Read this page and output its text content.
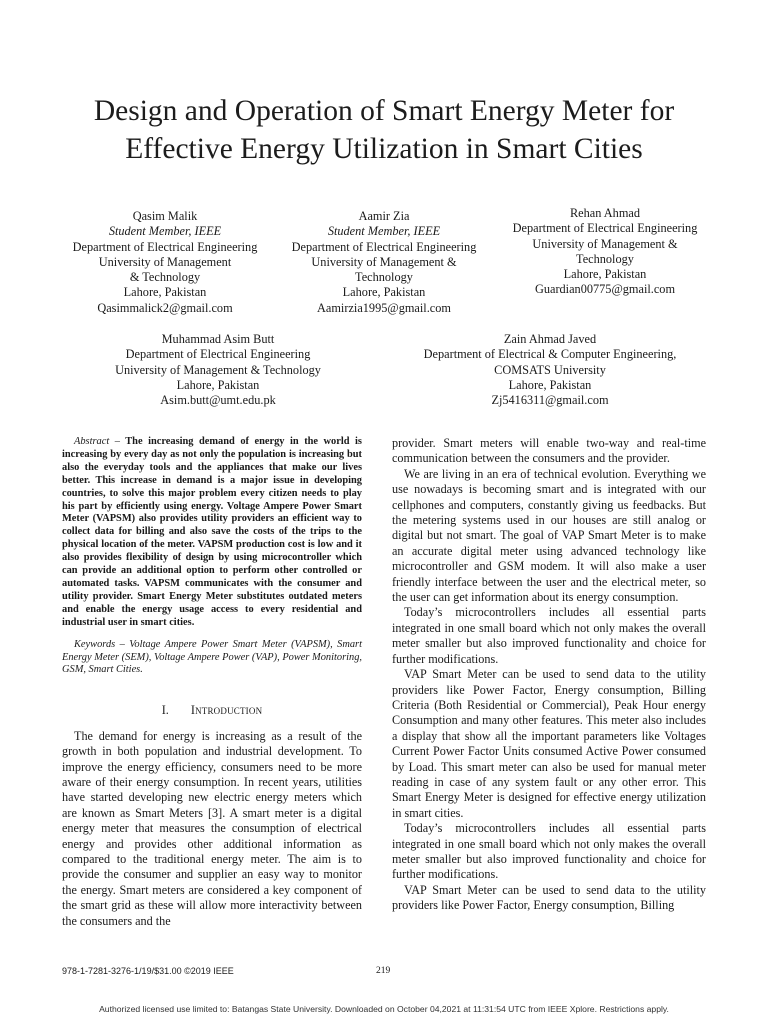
Design and Operation of Smart Energy Meter for Effective Energy Utilization in Smart Cities
Qasim Malik
Student Member, IEEE
Department of Electrical Engineering
University of Management
& Technology
Lahore, Pakistan
Qasimmalick2@gmail.com
Aamir Zia
Student Member, IEEE
Department of Electrical Engineering
University of Management &
Technology
Lahore, Pakistan
Aamirzia1995@gmail.com
Rehan Ahmad
Department of Electrical Engineering
University of Management &
Technology
Lahore, Pakistan
Guardian00775@gmail.com
Muhammad Asim Butt
Department of Electrical Engineering
University of Management & Technology
Lahore, Pakistan
Asim.butt@umt.edu.pk
Zain Ahmad Javed
Department of Electrical & Computer Engineering,
COMSATS University
Lahore, Pakistan
Zj5416311@gmail.com

Abstract – The increasing demand of energy in the world is increasing by every day as not only the population is increasing but also the everyday tools and the appliances that make our lives better. This increase in demand is a major issue in developing countries, to solve this major problem every citizen needs to play his part by efficiently using energy. Voltage Ampere Power Smart Meter (VAPSM) also provides utility providers an efficient way to collect data for billing and also save the costs of the trips to the physical location of the meter. VAPSM production cost is low and it also provides flexibility of design by using microcontroller which can provide an additional option to perform other controlled or automated tasks. VAPSM communicates with the consumer and utility provider. Smart Energy Meter substitutes outdated meters and enable the energy usage access to every residential and industrial user in smart cities.

Keywords – Voltage Ampere Power Smart Meter (VAPSM), Smart Energy Meter (SEM), Voltage Ampere Power (VAP), Power Monitoring, GSM, Smart Cities.

I. Introduction

The demand for energy is increasing as a result of the growth in both population and industrial development. To improve the energy efficiency, consumers need to be more aware of their energy consumption. In recent years, utilities have started developing new electric energy meters which are known as Smart Meters [3]. A smart meter is a digital energy meter that measures the consumption of electrical energy and provides other additional information as compared to the traditional energy meter. The aim is to provide the consumer and supplier an easy way to monitor the energy. Smart meters are considered a key component of the smart grid as these will allow more interactivity between the consumers and the

provider. Smart meters will enable two-way and real-time communication between the consumers and the provider.

We are living in an era of technical evolution. Everything we use nowadays is becoming smart and is integrated with our cellphones and computers, constantly giving us feedbacks. But the metering systems used in our houses are still analog or digital but not smart. The goal of VAP Smart Meter is to make an accurate digital meter using advanced technology like microcontroller and GSM modem. It will also make a user friendly interface between the user and the electrical meter, so the user can get information about its energy consumption.

Today’s microcontrollers includes all essential parts integrated in one small board which not only makes the overall meter smaller but also improved functionality and choice for further modifications.

VAP Smart Meter can be used to send data to the utility providers like Power Factor, Energy consumption, Billing Criteria (Both Residential or Commercial), Peak Hour energy Consumption and many other features. This meter also includes a display that show all the important parameters like Voltages Current Power Factor Units consumed Active Power consumed by Load. This smart meter can also be used for manual meter reading in case of any system fault or any other error. This Smart Energy Meter is designed for effective energy utilization in smart cities.

Today’s microcontrollers includes all essential parts integrated in one small board which not only makes the overall meter smaller but also improved functionality and choice for further modifications.

VAP Smart Meter can be used to send data to the utility providers like Power Factor, Energy consumption, Billing

978-1-7281-3276-1/19/$31.00 ©2019 IEEE	219
Authorized licensed use limited to: Batangas State University. Downloaded on October 04,2021 at 11:31:54 UTC from IEEE Xplore. Restrictions apply.
